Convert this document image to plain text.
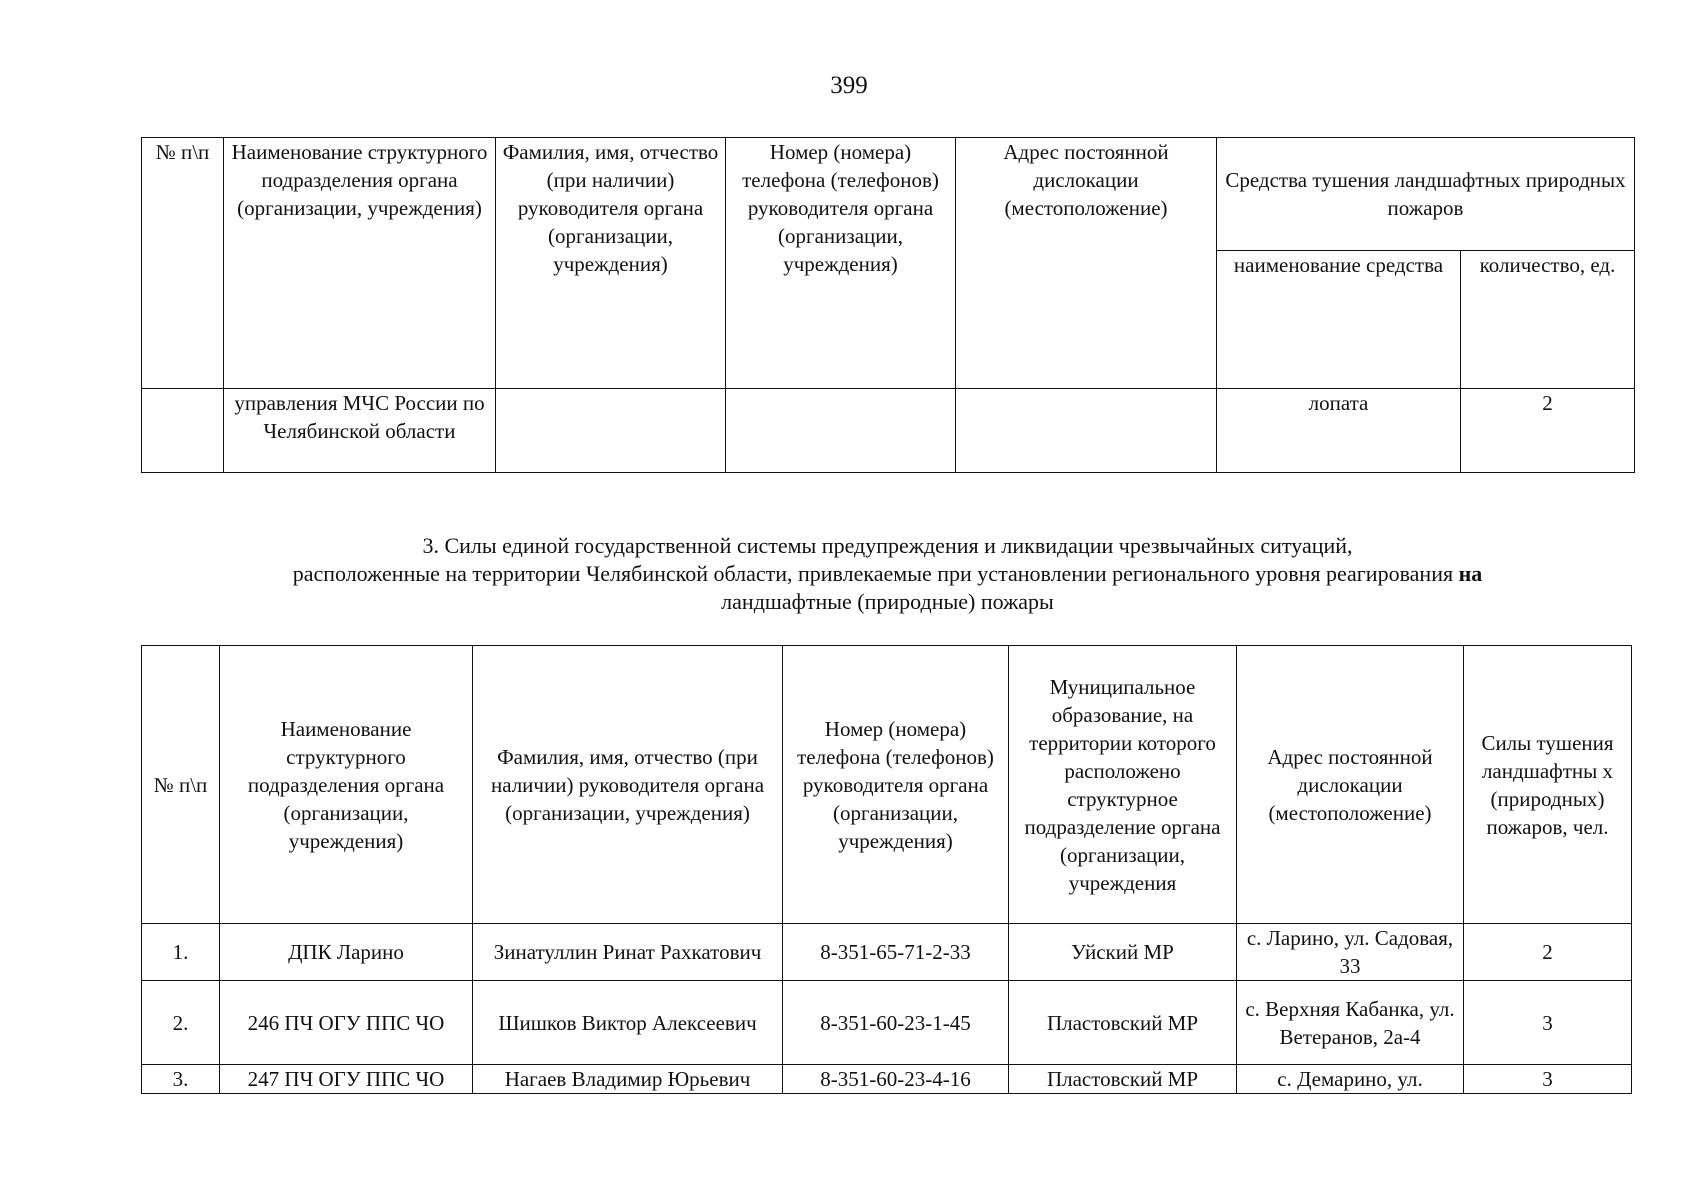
399
№ п\п	Наименование структурного подразделения органа (организации, учреждения)	Фамилия, имя, отчество (при наличии) руководителя органа (организации, учреждения)	Номер (номера) телефона (телефонов) руководителя органа (организации, учреждения)	Адрес постоянной дислокации (местоположение)	Средства тушения ландшафтных природных пожаров	
					наименование средства	количество, ед.
	управления МЧС России по Челябинской области				лопата	2
3. Силы единой государственной системы предупреждения и ликвидации чрезвычайных ситуаций,
расположенные на территории Челябинской области, привлекаемые при установлении регионального уровня реагирования на
ландшафтные (природные) пожары
№ п\п	Наименование структурного подразделения органа (организации, учреждения)	Фамилия, имя, отчество (при наличии) руководителя органа (организации, учреждения)	Номер (номера) телефона (телефонов) руководителя органа (организации, учреждения)	Муниципальное образование, на территории которого расположено структурное подразделение органа (организации, учреждения	Адрес постоянной дислокации (местоположение)	Силы тушения ландшафтны х (природных) пожаров, чел.
1.	ДПК Ларино	Зинатуллин Ринат Рахкатович	8-351-65-71-2-33	Уйский МР	с. Ларино, ул. Садовая, 33	2
2.	246 ПЧ ОГУ ППС ЧО	Шишков Виктор Алексеевич	8-351-60-23-1-45	Пластовский МР	с. Верхняя Кабанка, ул. Ветеранов, 2а-4	3
3.	247 ПЧ ОГУ ППС ЧО	Нагаев Владимир Юрьевич	8-351-60-23-4-16	Пластовский МР	с. Демарино, ул.	3
